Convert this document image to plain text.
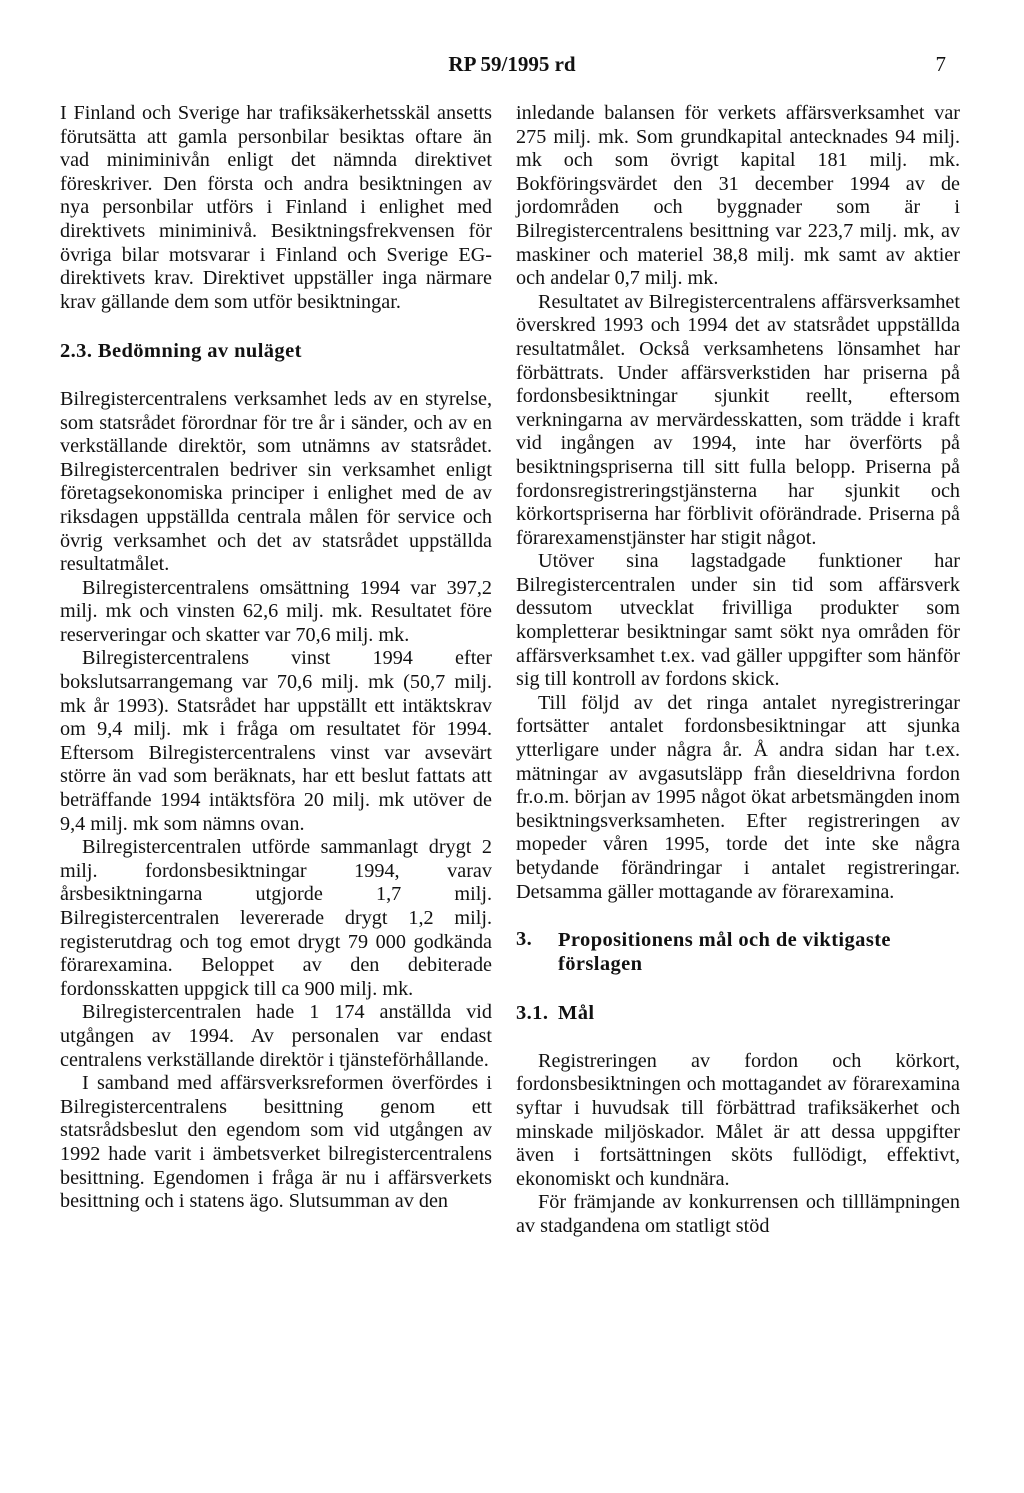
RP 59/1995 rd	7

I Finland och Sverige har trafiksäkerhetsskäl ansetts förutsätta att gamla personbilar besiktas oftare än vad miniminivån enligt det nämnda direktivet föreskriver. Den första och andra besiktningen av nya personbilar utförs i Finland i enlighet med direktivets miniminivå. Besiktningsfrekvensen för övriga bilar motsvarar i Finland och Sverige EG-direktivets krav. Direktivet uppställer inga närmare krav gällande dem som utför besiktningar.

2.3. Bedömning av nuläget

Bilregistercentralens verksamhet leds av en styrelse, som statsrådet förordnar för tre år i sänder, och av en verkställande direktör, som utnämns av statsrådet. Bilregistercentralen bedriver sin verksamhet enligt företagsekonomiska principer i enlighet med de av riksdagen uppställda centrala målen för service och övrig verksamhet och det av statsrådet uppställda resultatmålet.

Bilregistercentralens omsättning 1994 var 397,2 milj. mk och vinsten 62,6 milj. mk. Resultatet före reserveringar och skatter var 70,6 milj. mk.

Bilregistercentralens vinst 1994 efter bokslutsarrangemang var 70,6 milj. mk (50,7 milj. mk år 1993). Statsrådet har uppställt ett intäktskrav om 9,4 milj. mk i fråga om resultatet för 1994. Eftersom Bilregistercentralens vinst var avsevärt större än vad som beräknats, har ett beslut fattats att beträffande 1994 intäktsföra 20 milj. mk utöver de 9,4 milj. mk som nämns ovan.

Bilregistercentralen utförde sammanlagt drygt 2 milj. fordonsbesiktningar 1994, varav årsbesiktningarna utgjorde 1,7 milj. Bilregistercentralen levererade drygt 1,2 milj. registerutdrag och tog emot drygt 79 000 godkända förarexamina. Beloppet av den debiterade fordonsskatten uppgick till ca 900 milj. mk.

Bilregistercentralen hade 1 174 anställda vid utgången av 1994. Av personalen var endast centralens verkställande direktör i tjänsteförhållande.

I samband med affärsverksreformen överfördes i Bilregistercentralens besittning genom ett statsrådsbeslut den egendom som vid utgången av 1992 hade varit i ämbetsverket bilregistercentralens besittning. Egendomen i fråga är nu i affärsverkets besittning och i statens ägo. Slutsumman av den

inledande balansen för verkets affärsverksamhet var 275 milj. mk. Som grundkapital antecknades 94 milj. mk och som övrigt kapital 181 milj. mk. Bokföringsvärdet den 31 december 1994 av de jordområden och byggnader som är i Bilregistercentralens besittning var 223,7 milj. mk, av maskiner och materiel 38,8 milj. mk samt av aktier och andelar 0,7 milj. mk.

Resultatet av Bilregistercentralens affärsverksamhet överskred 1993 och 1994 det av statsrådet uppställda resultatmålet. Också verksamhetens lönsamhet har förbättrats. Under affärsverkstiden har priserna på fordonsbesiktningar sjunkit reellt, eftersom verkningarna av mervärdesskatten, som trädde i kraft vid ingången av 1994, inte har överförts på besiktningspriserna till sitt fulla belopp. Priserna på fordonsregistreringstjänsterna har sjunkit och körkortspriserna har förblivit oförändrade. Priserna på förarexamenstjänster har stigit något.

Utöver sina lagstadgade funktioner har Bilregistercentralen under sin tid som affärsverk dessutom utvecklat frivilliga produkter som kompletterar besiktningar samt sökt nya områden för affärsverksamhet t.ex. vad gäller uppgifter som hänför sig till kontroll av fordons skick.

Till följd av det ringa antalet nyregistreringar fortsätter antalet fordonsbesiktningar att sjunka ytterligare under några år. Å andra sidan har t.ex. mätningar av avgasutsläpp från dieseldrivna fordon fr.o.m. början av 1995 något ökat arbetsmängden inom besiktningsverksamheten. Efter registreringen av mopeder våren 1995, torde det inte ske några betydande förändringar i antalet registreringar. Detsamma gäller mottagande av förarexamina.

3.	Propositionens mål och de viktigaste förslagen
3.1. Mål

Registreringen av fordon och körkort, fordonsbesiktningen och mottagandet av förarexamina syftar i huvudsak till förbättrad trafiksäkerhet och minskade miljöskador. Målet är att dessa uppgifter även i fortsättningen sköts fullödigt, effektivt, ekonomiskt och kundnära.

För främjande av konkurrensen och tilllämpningen av stadgandena om statligt stöd
